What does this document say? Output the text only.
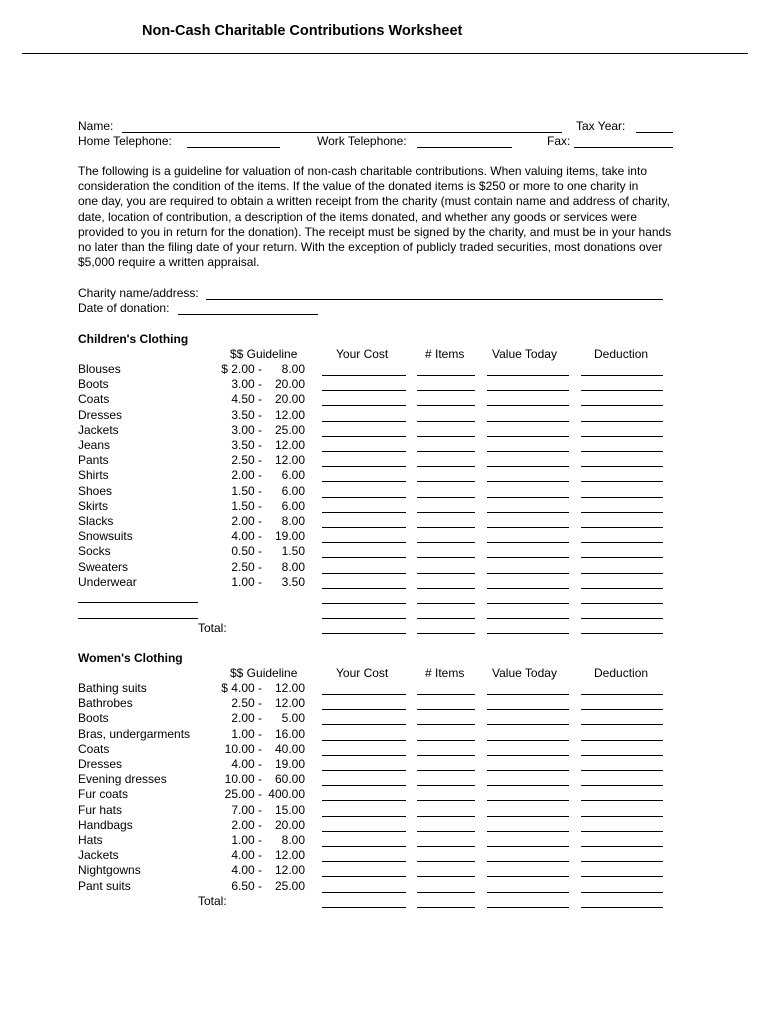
Non-Cash Charitable Contributions Worksheet
Name:	Tax Year:
Home Telephone:	Work Telephone:	Fax:
The following is a guideline for valuation of non-cash charitable contributions. When valuing items, take into
consideration the condition of the items. If the value of the donated items is $250 or more to one charity in
one day, you are required to obtain a written receipt from the charity (must contain name and address of charity,
date, location of contribution, a description of the items donated, and whether any goods or services were
provided to you in return for the donation). The receipt must be signed by the charity, and must be in your hands
no later than the filing date of your return. With the exception of publicly traded securities, most donations over
$5,000 require a written appraisal.
Charity name/address:
Date of donation:
Children's Clothing
$$ Guideline	Your Cost	# Items Value Today	Deduction
Blouses	$ 2.00 - 8.00
Boots	3.00 - 20.00
Coats	4.50 - 20.00
Dresses	3.50 - 12.00
Jackets	3.00 - 25.00
Jeans	3.50 - 12.00
Pants	2.50 - 12.00
Shirts	2.00 - 6.00
Shoes	1.50 - 6.00
Skirts	1.50 - 6.00
Slacks	2.00 - 8.00
Snowsuits	4.00 - 19.00
Socks	0.50 - 1.50
Sweaters	2.50 - 8.00
Underwear	1.00 - 3.50
Total:
Women's Clothing
$$ Guideline	Your Cost	# Items Value Today	Deduction
Bathing suits	$ 4.00 - 12.00
Bathrobes	2.50 - 12.00
Boots	2.00 - 5.00
Bras, undergarments	1.00 - 16.00
Coats	10.00 - 40.00
Dresses	4.00 - 19.00
Evening dresses	10.00 - 60.00
Fur coats	25.00 - 400.00
Fur hats	7.00 - 15.00
Handbags	2.00 - 20.00
Hats	1.00 - 8.00
Jackets	4.00 - 12.00
Nightgowns	4.00 - 12.00
Pant suits	6.50 - 25.00
Total:
